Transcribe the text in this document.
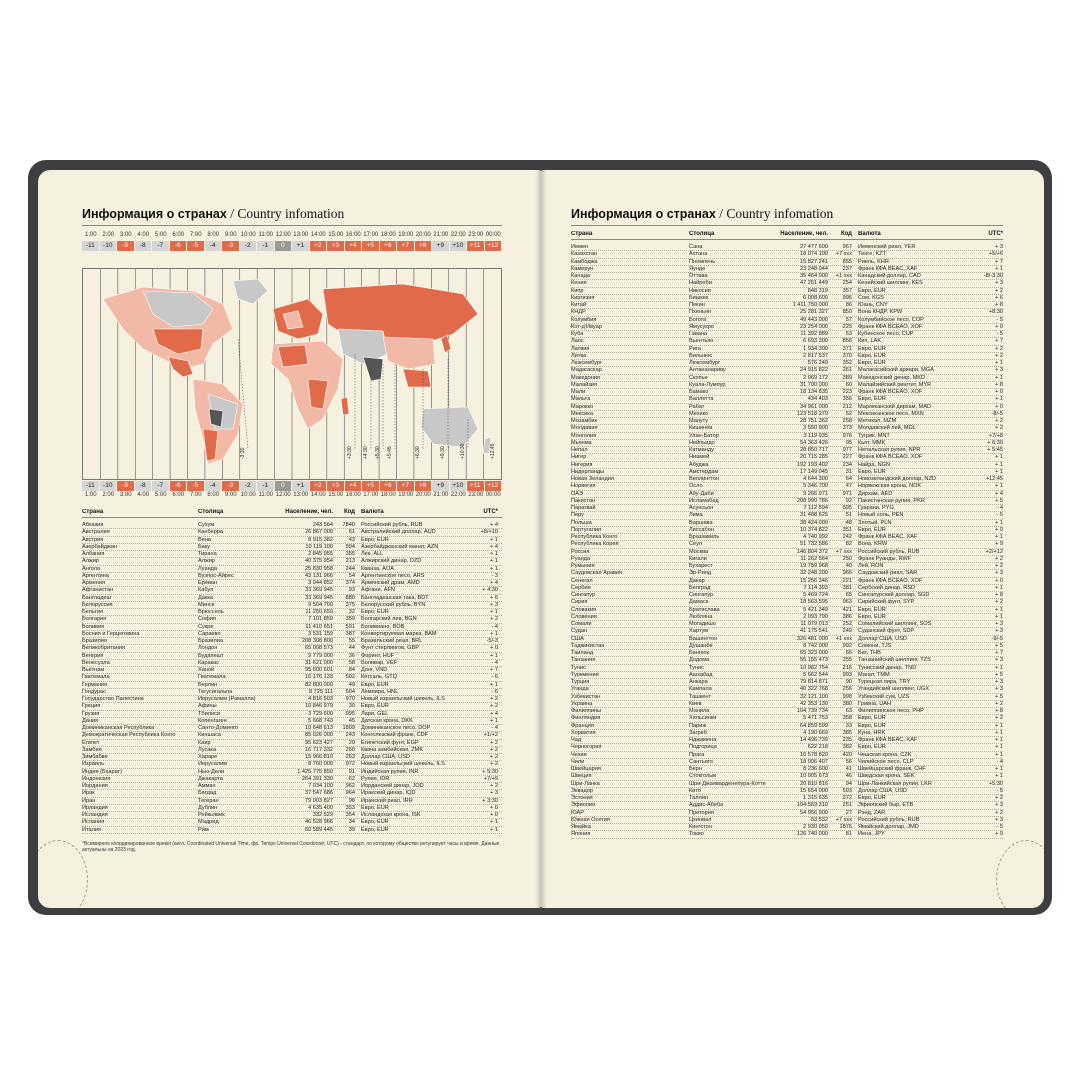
Информация о странах / Country infomation
1:00 2:00 3:00 4:00 5:00 6:00 7:00 8:00 9:00 10:00 11:00 12:00 13:00 14:00 15:00 16:00 17:00 18:00 19:00 20:00 21:00 22:00 23:00 00:00
-11	-10	-9	-8	-7	-6	-5	-4	-3	-2	-1	0	+1	+2	+3	+4	+5	+6	+7	+8	+9	+10	+11	+12
+3:30 +4:30 +5:30 +5:45	+6:30	+9:30	+10:30	+12:45
-3:30
-11	-10	-9	-8	-7	-6	-5	-4	-3	-2	-1	0	+1	+2	+3	+4	+5	+6	+7	+8	+9	+10	+11	+12
1:00 2:00 3:00 4:00 5:00 6:00 7:00 8:00 9:00 10:00 11:00 12:00 13:00 14:00 15:00 16:00 17:00 18:00 19:00 20:00 21:00 22:00 23:00 00:00
Страна	Столица	Население, чел.	Код	Валюта	UTC*
Абхазия	Сухум	243 564	7840	Российский рубль, RUB	+ 4
Австралия	Канберра	26 867 000	61	Австралийский доллар, AUD	+8/+10
Австрия	Вена	8 915 382	43	Евро, EUR	+ 1
Азербайджан	Баку	10 119 100	994	Азербайджанский манат, AZN	+ 4
Албания	Тирана	2 845 955	355	Лек, ALL	+ 1
Алжир	Алжир	40 375 954	213	Алжирский динар, DZD	+ 1
Ангола	Луанда	25 830 958	244	Кванза, AOA	+ 1
Аргентина	Буэнос-Айрес	43 131 966	54	Аргентинское песо, ARS	- 3
Армения	Ереван	3 044 852	374	Армянский драм, AMD	+ 4
Афганистан	Кабул	33 369 945	93	Афгани, AFN	+ 4:30
Бангладеш	Дакка	33 369 945	880	Бангладешская така, BDT	+ 6
Белоруссия	Минск	9 504 700	375	Белорусский рубль, BYN	+ 3
Бельгия	Брюссель	11 250 659	32	Евро, EUR	+ 1
Болгария	София	7 101 859	359	Болгарский лев, BGN	+ 2
Боливия	Сукре	11 410 651	591	Боливиано, BOB	- 4
Босния и Герцеговина	Сараево	3 531 159	387	Конвертируемая марка, BAM	+ 1
Бразилия	Бразилиа	208 308 800	55	Бразильский реал, BRL	-5/-3
Великобритания	Лондон	65 008 573	44	Фунт стерлингов, GBP	+ 0
Венгрия	Будапешт	9 779 000	36	Форинт, HUF	+ 1
Венесуэла	Каракас	31 621 000	58	Боливар, VEF	- 4
Вьетнам	Ханой	95 600 601	84	Донг, VND	+ 7
Гватемала	Гватемала	16 176 133	502	Кетсаль, GTQ	- 6
Германия	Берлин	82 800 000	49	Евро, EUR	+ 1
Гондурас	Тегусигальпа	8 725 111	504	Лемпира, HNL	- 6
Государство Палестина	Иерусалим (Рамалла)	4 816 503	970	Новый израильский шекель, ILS	+ 2
Греция	Афины	10 846 979	30	Евро, EUR	+ 2
Грузия	Тбилиси	3 729 600	995	Лари, GEL	+ 4
Дания	Копенгаген	5 668 743	45	Датская крона, DKK	+ 1
Доминиканская Республика	Санто-Доминго	10 648 613	1809	Доминиканское песо, DOP	- 4
Демократическая Республика Конго	Киншаса	85 026 000	243	Конголезский франк, CDF	+1/+2
Египет	Каир	95 623 427	20	Египетский фунт, EGP	+ 2
Замбия	Лусака	16 717 332	260	Квача замбийская, ZMK	+ 2
Зимбабве	Хараре	15 966 810	263	Доллар США, USD	+ 2
Израиль	Иерусалим	8 760 000	972	Новый израильский шекель, ILS	+ 2
Индия (Бхарат)	Нью-Дели	1 425 775 850	91	Индийская рупия, INR	+ 5:30
Индонезия	Джакарта	264 391 330	62	Рупия, IDR	+7/+9
Иордания	Амман	7 034 100	962	Иорданский динар, JOD	+ 2
Ирак	Багдад	37 547 686	964	Иракский динар, IQD	+ 3
Иран	Тегеран	79 003 827	98	Иранский риал, IRR	+ 3:30
Ирландия	Дублин	4 635 400	353	Евро, EUR	+ 0
Исландия	Рейкьявик	332 529	354	Исландская крона, ISK	+ 0
Испания	Мадрид	46 528 966	34	Евро, EUR	+ 1
Италия	Рим	60 589 445	39	Евро, EUR	+ 1
*Всемирное координированное время (англ. Coordinated Universal Time, фр. Temps Universel Coordonné; UTC) - стандарт, по которому общество регулирует часы и время. Данные актуальны на 2023 год.
Информация о странах / Country infomation
Страна	Столица	Население, чел.	Код	Валюта	UTC*
Йемен	Сана	27 477 600	967	Йеменский риал, YER	+ 3
Казахстан	Астана	18 074 100	+7 xxx	Тенге, KZT	+5/+6
Камбоджа	Пномпень	15 827 241	855	Риель, KHR	+ 7
Камерун	Яунде	23 248 044	237	Франк КФА BEAC, XAF	+ 1
Канада	Оттава	35 464 000	+1 xxx	Канадский доллар, CAD	-8/-3:30
Кения	Найроби	47 251 449	254	Кенийский шиллинг, KES	+ 3
Кипр	Никосия	848 319	357	Евро, EUR	+ 2
Киргизия	Бишкек	6 008 600	996	Сом, KGS	+ 6
Китай	Пекин	1 411 750 000	86	Юань, CNY	+ 8
КНДР	Пхеньян	25 281 327	850	Вона КНДР, KPW	+8:30
Колумбия	Богота	49 443 000	57	Колумбийское песо, COP	- 5
Кот-д'Ивуар	Ямусукро	23 254 000	225	Франк КФА BCEAO, XOF	+ 0
Куба	Гавана	11 392 889	53	Кубинское песо, CUP	- 5
Лаос	Вьентьян	6 693 300	856	Кип, LAK	+ 7
Латвия	Рига	1 934 300	371	Евро, EUR	+ 2
Литва	Вильнюс	2 817 537	370	Евро, EUR	+ 2
Люксембург	Люксембург	576 249	352	Евро, EUR	+ 1
Мадагаскар	Антананариву	24 915 822	261	Малагасийский ариари, MGA	+ 3
Македония	Скопье	2 069 172	389	Македонский денар, MKD	+ 1
Малайзия	Куала-Лумпур	31 700 000	60	Малайзийский ринггит, MYR	+ 8
Мали	Бамако	18 134 835	223	Франк КФА BCEAO, XOF	+ 0
Мальта	Валлетта	434 403	356	Евро, EUR	+ 1
Марокко	Рабат	34 961 000	212	Марокканский дирхам, MAD	+ 0
Мексика	Мехико	123 518 270	52	Мексиканское песо, MXN	-8/-5
Мозамбик	Мапуту	28 751 362	258	Метикал, MZM	+ 2
Молдавия	Кишинёв	3 550 900	373	Молдавский лей, MDL	+ 2
Монголия	Улан-Батор	3 119 935	976	Тугрик, MNT	+7/+8
Мьянма	Нейпьидо	54 363 426	95	Кьят, MMK	+ 6:30
Непал	Катманду	28 850 717	977	Непальская рупия, NPR	+ 5:45
Нигер	Ниамей	20 715 285	227	Франк КФА BCEAO, XOF	+ 1
Нигерия	Абуджа	192 193 402	234	Найра, NGN	+ 1
Нидерланды	Амстердам	17 149 045	31	Евро, EUR	+ 1
Новая Зеландия	Веллингтон	4 644 300	64	Новозеландский доллар, NZD	+12:45
Норвегия	Осло	5 346 700	47	Норвежская крона, NOK	+ 1
ОАЭ	Абу-Даби	9 266 971	971	Дирхам, AED	+ 4
Пакистан	Исламабад	208 990 786	92	Пакистанская рупия, PKR	+ 5
Парагвай	Асунсьон	7 112 594	595	Гуарани, PYG	- 4
Перу	Лима	31 488 625	51	Новый соль, PEN	- 5
Польша	Варшава	38 424 000	48	Злотый, PLN	+ 1
Португалия	Лиссабон	10 374 822	351	Евро, EUR	+ 0
Республика Конго	Браззавиль	4 740 992	242	Франк КФА BEAC, XAF	+ 1
Республика Корея	Сеул	51 732 586	82	Вона, KRW	+ 9
Россия	Москва	146 804 372	+7 xxx	Российский рубль, RUB	+2/+12
Руанда	Кигали	11 262 564	250	Франк Руанды, RWF	+ 2
Румыния	Бухарест	19 759 968	40	Лей, RON	+ 2
Саудовская Аравия	Эр-Рияд	32 248 200	966	Саудовский риял, SAR	+ 3
Сенегал	Дакар	15 256 346	221	Франк КФА BCEAO, XOF	+ 0
Сербия	Белград	7 114 393	381	Сербский динар, RSD	+ 1
Сингапур	Сингапур	5 469 724	65	Сингапурский доллар, SGD	+ 8
Сирия	Дамаск	18 563 595	963	Сирийский фунт, SYP	+ 2
Словакия	Братислава	5 421 349	421	Евро, EUR	+ 1
Словения	Любляна	2 093 790	386	Евро, EUR	+ 1
Сомали	Могадишо	11 079 013	252	Сомалийский шиллинг, SOS	+ 3
Судан	Хартум	41 175 541	249	Суданский фунт, SDP	+ 3
США	Вашингтон	326 481 000	+1 xxx	Доллар США, USD	-9/-5
Таджикистан	Душанбе	8 742 000	992	Сомони, TJS	+ 5
Таиланд	Бангкок	65 323 000	66	Бат, THB	+ 7
Танзания	Додома	55 155 473	255	Танзанийский шиллинг, TZS	+ 3
Тунис	Тунис	10 982 754	216	Тунисский динар, TND	+ 1
Туркмения	Ашхабад	5 662 544	993	Манат, TMM	+ 5
Турция	Анкара	79 814 871	90	Турецкая лира, TRY	+ 3
Уганда	Кампала	40 322 768	256	Угандийский шиллинг, UGX	+ 3
Узбекистан	Ташкент	32 121 100	998	Узбекский сум, UZS	+ 5
Украина	Киев	42 353 130	380	Гривна, UAH	+ 2
Филиппины	Манила	104 739 734	63	Филиппинское песо, PHP	+ 8
Финляндия	Хельсинки	5 471 753	358	Евро, EUR	+ 2
Франция	Париж	64 859 599	33	Евро, EUR	+ 1
Хорватия	Загреб	4 190 669	385	Куна, HRK	+ 1
Чад	Нджамена	14 496 739	235	Франк КФА BEAC, XAF	+ 1
Черногория	Подгорица	622 218	382	Евро, EUR	+ 1
Чехия	Прага	10 578 820	420	Чешская крона, CZK	+ 1
Чили	Сантьяго	18 006 407	56	Чилийское песо, CLP	- 4
Швейцария	Берн	8 236 600	41	Швейцарский франк, CHF	+ 1
Швеция	Стокгольм	10 005 673	46	Шведская крона, SEK	+ 1
Шри-Ланка	Шри-Джаяварденепура-Котте	20 810 816	94	Шри-Ланкийская рупия, LKR	+5:30
Эквадор	Кито	15 654 000	593	Доллар США, USD	- 5
Эстония	Таллин	1 315 635	372	Евро, EUR	+ 2
Эфиопия	Аддис-Абеба	104 569 310	251	Эфиопский быр, ETB	+ 3
ЮАР	Претория	54 956 900	27	Рэнд, ZAR	+ 2
Южная Осетия	Цхинвал	53 532	+7 xxx	Российский рубль, RUB	+ 3
Ямайка	Кингстон	2 930 050	1876	Ямайский доллар, JMD	- 5
Япония	Токио	126 740 000	81	Иена, JPY	+ 9
